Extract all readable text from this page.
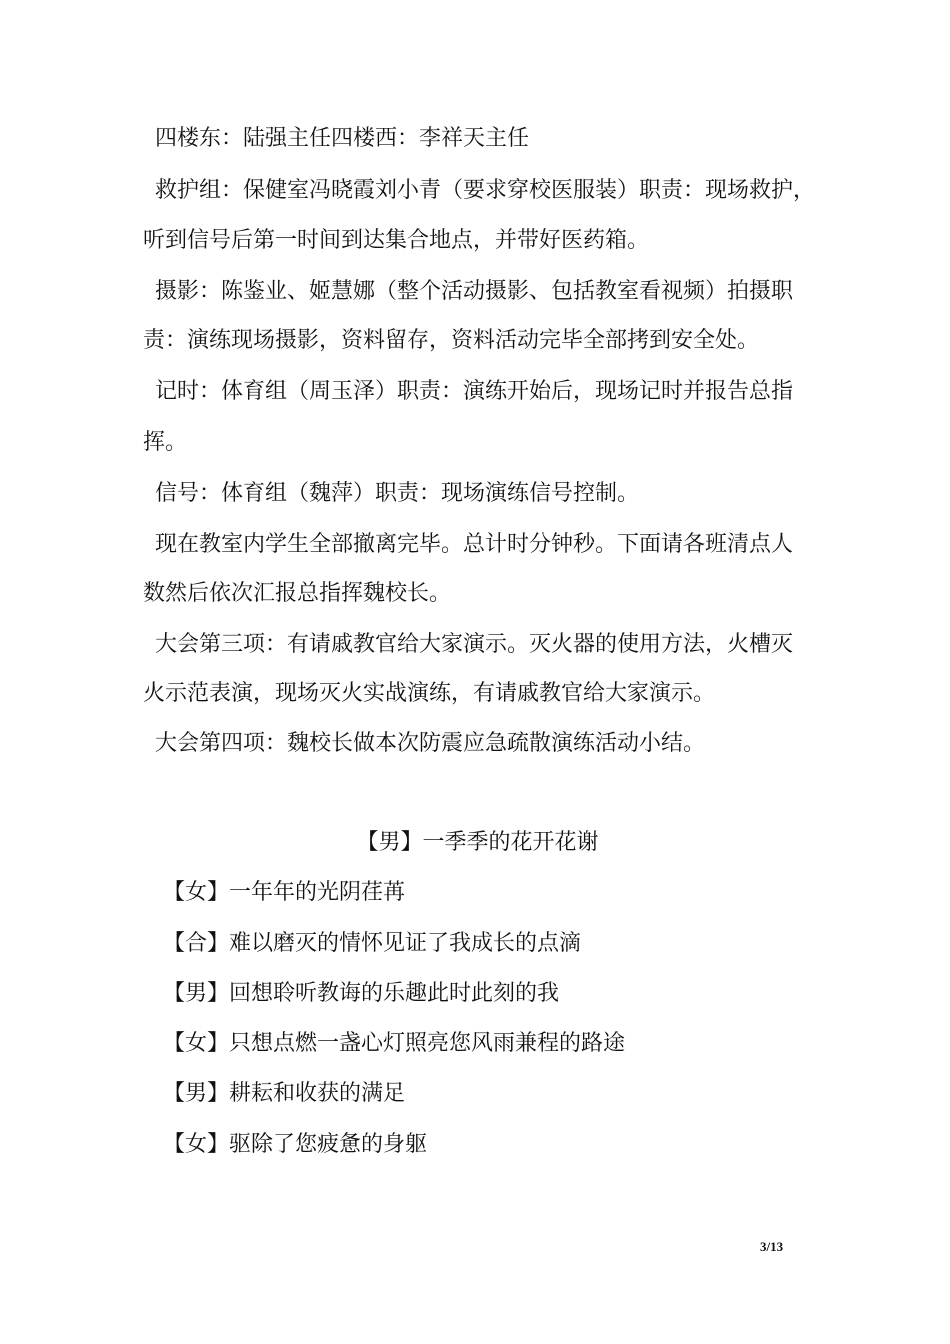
四楼东：陆强主任四楼西：李祥天主任
救护组：保健室冯晓霞刘小青（要求穿校医服装）职责：现场救护，
听到信号后第一时间到达集合地点，并带好医药箱。
摄影：陈鉴业、姬慧娜（整个活动摄影、包括教室看视频）拍摄职
责：演练现场摄影，资料留存，资料活动完毕全部拷到安全处。
记时：体育组（周玉泽）职责：演练开始后，现场记时并报告总指
挥。
信号：体育组（魏萍）职责：现场演练信号控制。
现在教室内学生全部撤离完毕。总计时分钟秒。下面请各班清点人
数然后依次汇报总指挥魏校长。
大会第三项：有请戚教官给大家演示。灭火器的使用方法，火槽灭
火示范表演，现场灭火实战演练，有请戚教官给大家演示。
大会第四项：魏校长做本次防震应急疏散演练活动小结。
【男】一季季的花开花谢
【女】一年年的光阴荏苒
【合】难以磨灭的情怀见证了我成长的点滴
【男】回想聆听教诲的乐趣此时此刻的我
【女】只想点燃一盏心灯照亮您风雨兼程的路途
【男】耕耘和收获的满足
【女】驱除了您疲惫的身躯
3/13
